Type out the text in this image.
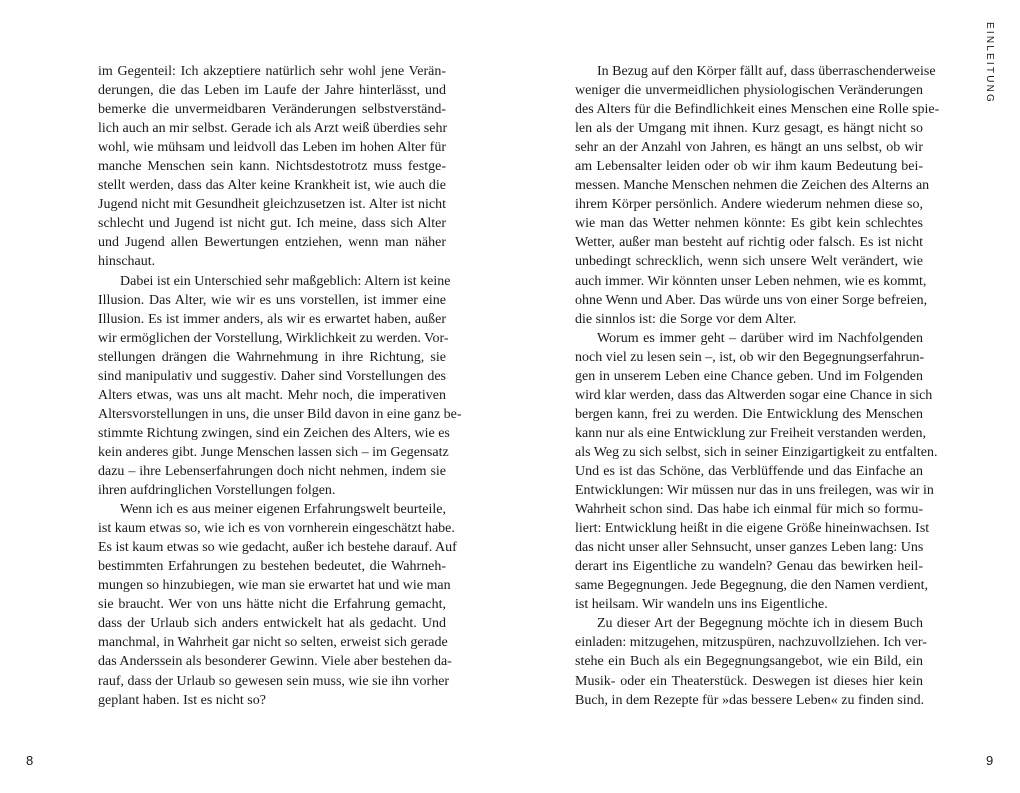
im Gegenteil: Ich akzeptiere natürlich sehr wohl jene Verän-
derungen, die das Leben im Laufe der Jahre hinterlässt, und
bemerke die unvermeidbaren Veränderungen selbstverständ-
lich auch an mir selbst. Gerade ich als Arzt weiß überdies sehr
wohl, wie mühsam und leidvoll das Leben im hohen Alter für
manche Menschen sein kann. Nichtsdestotrotz muss festge-
stellt werden, dass das Alter keine Krankheit ist, wie auch die
Jugend nicht mit Gesundheit gleichzusetzen ist. Alter ist nicht
schlecht und Jugend ist nicht gut. Ich meine, dass sich Alter
und Jugend allen Bewertungen entziehen, wenn man näher
hinschaut.
Dabei ist ein Unterschied sehr maßgeblich: Altern ist keine
Illusion. Das Alter, wie wir es uns vorstellen, ist immer eine
Illusion. Es ist immer anders, als wir es erwartet haben, außer
wir ermöglichen der Vorstellung, Wirklichkeit zu werden. Vor-
stellungen drängen die Wahrnehmung in ihre Richtung, sie
sind manipulativ und suggestiv. Daher sind Vorstellungen des
Alters etwas, was uns alt macht. Mehr noch, die imperativen
Altersvorstellungen in uns, die unser Bild davon in eine ganz be-
stimmte Richtung zwingen, sind ein Zeichen des Alters, wie es
kein anderes gibt. Junge Menschen lassen sich – im Gegensatz
dazu – ihre Lebenserfahrungen doch nicht nehmen, indem sie
ihren aufdringlichen Vorstellungen folgen.
Wenn ich es aus meiner eigenen Erfahrungswelt beurteile,
ist kaum etwas so, wie ich es von vornherein eingeschätzt habe.
Es ist kaum etwas so wie gedacht, außer ich bestehe darauf. Auf
bestimmten Erfahrungen zu bestehen bedeutet, die Wahrneh-
mungen so hinzubiegen, wie man sie erwartet hat und wie man
sie braucht. Wer von uns hätte nicht die Erfahrung gemacht,
dass der Urlaub sich anders entwickelt hat als gedacht. Und
manchmal, in Wahrheit gar nicht so selten, erweist sich gerade
das Anderssein als besonderer Gewinn. Viele aber bestehen da-
rauf, dass der Urlaub so gewesen sein muss, wie sie ihn vorher
geplant haben. Ist es nicht so?
8
EINLEITUNG
In Bezug auf den Körper fällt auf, dass überraschenderweise
weniger die unvermeidlichen physiologischen Veränderungen
des Alters für die Befindlichkeit eines Menschen eine Rolle spie-
len als der Umgang mit ihnen. Kurz gesagt, es hängt nicht so
sehr an der Anzahl von Jahren, es hängt an uns selbst, ob wir
am Lebensalter leiden oder ob wir ihm kaum Bedeutung bei-
messen. Manche Menschen nehmen die Zeichen des Alterns an
ihrem Körper persönlich. Andere wiederum nehmen diese so,
wie man das Wetter nehmen könnte: Es gibt kein schlechtes
Wetter, außer man besteht auf richtig oder falsch. Es ist nicht
unbedingt schrecklich, wenn sich unsere Welt verändert, wie
auch immer. Wir könnten unser Leben nehmen, wie es kommt,
ohne Wenn und Aber. Das würde uns von einer Sorge befreien,
die sinnlos ist: die Sorge vor dem Alter.
Worum es immer geht – darüber wird im Nachfolgenden
noch viel zu lesen sein –, ist, ob wir den Begegnungserfahrun-
gen in unserem Leben eine Chance geben. Und im Folgenden
wird klar werden, dass das Altwerden sogar eine Chance in sich
bergen kann, frei zu werden. Die Entwicklung des Menschen
kann nur als eine Entwicklung zur Freiheit verstanden werden,
als Weg zu sich selbst, sich in seiner Einzigartigkeit zu entfalten.
Und es ist das Schöne, das Verblüffende und das Einfache an
Entwicklungen: Wir müssen nur das in uns freilegen, was wir in
Wahrheit schon sind. Das habe ich einmal für mich so formu-
liert: Entwicklung heißt in die eigene Größe hineinwachsen. Ist
das nicht unser aller Sehnsucht, unser ganzes Leben lang: Uns
derart ins Eigentliche zu wandeln? Genau das bewirken heil-
same Begegnungen. Jede Begegnung, die den Namen verdient,
ist heilsam. Wir wandeln uns ins Eigentliche.
Zu dieser Art der Begegnung möchte ich in diesem Buch
einladen: mitzugehen, mitzuspüren, nachzuvollziehen. Ich ver-
stehe ein Buch als ein Begegnungsangebot, wie ein Bild, ein
Musik- oder ein Theaterstück. Deswegen ist dieses hier kein
Buch, in dem Rezepte für »das bessere Leben« zu finden sind.
9
